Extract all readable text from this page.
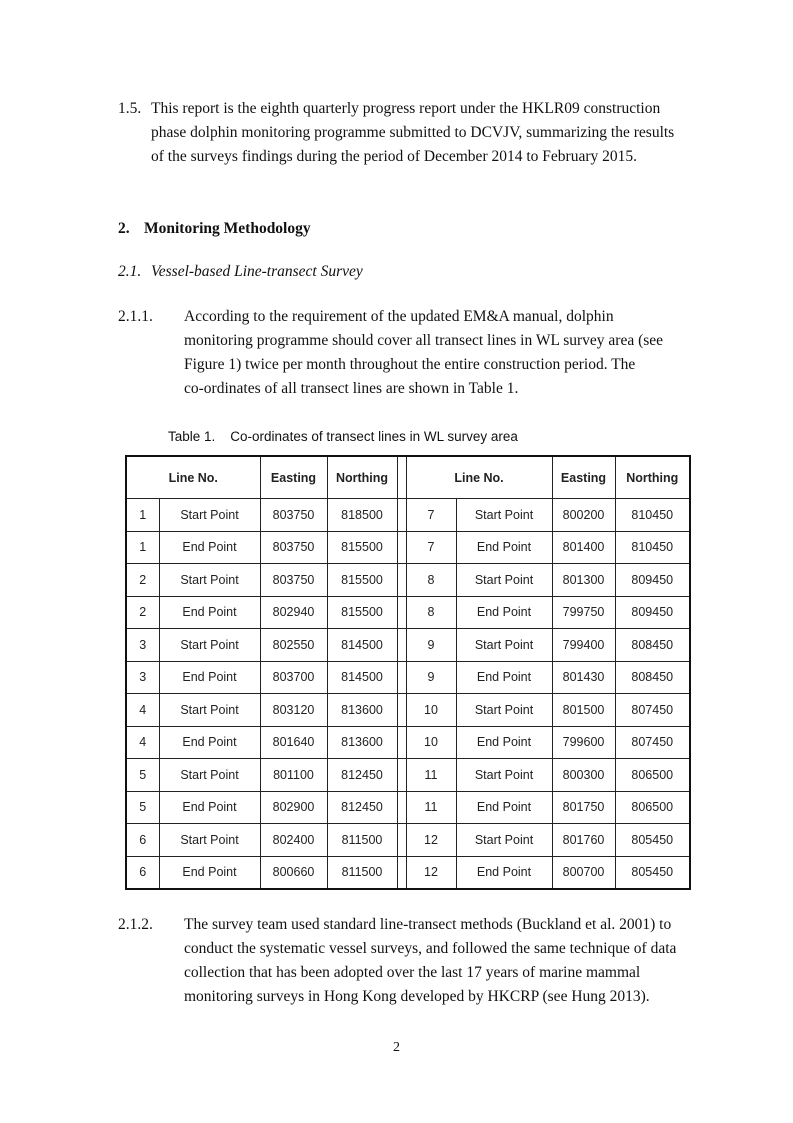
1.5. This report is the eighth quarterly progress report under the HKLR09 construction
phase dolphin monitoring programme submitted to DCVJV, summarizing the results
of the surveys findings during the period of December 2014 to February 2015.
2. Monitoring Methodology
2.1. Vessel-based Line-transect Survey
2.1.1. According to the requirement of the updated EM&A manual, dolphin
monitoring programme should cover all transect lines in WL survey area (see
Figure 1) twice per month throughout the entire construction period. The
co-ordinates of all transect lines are shown in Table 1.
Table 1.    Co-ordinates of transect lines in WL survey area
Line No.		Easting	Northing		Line No.		Easting	Northing
1	Start Point	803750	818500		7	Start Point	800200	810450
1	End Point	803750	815500		7	End Point	801400	810450
2	Start Point	803750	815500		8	Start Point	801300	809450
2	End Point	802940	815500		8	End Point	799750	809450
3	Start Point	802550	814500		9	Start Point	799400	808450
3	End Point	803700	814500		9	End Point	801430	808450
4	Start Point	803120	813600		10	Start Point	801500	807450
4	End Point	801640	813600		10	End Point	799600	807450
5	Start Point	801100	812450		11	Start Point	800300	806500
5	End Point	802900	812450		11	End Point	801750	806500
6	Start Point	802400	811500		12	Start Point	801760	805450
6	End Point	800660	811500		12	End Point	800700	805450
2
2.1.2. The survey team used standard line-transect methods (Buckland et al. 2001) to
conduct the systematic vessel surveys, and followed the same technique of data
collection that has been adopted over the last 17 years of marine mammal
monitoring surveys in Hong Kong developed by HKCRP (see Hung 2013).
